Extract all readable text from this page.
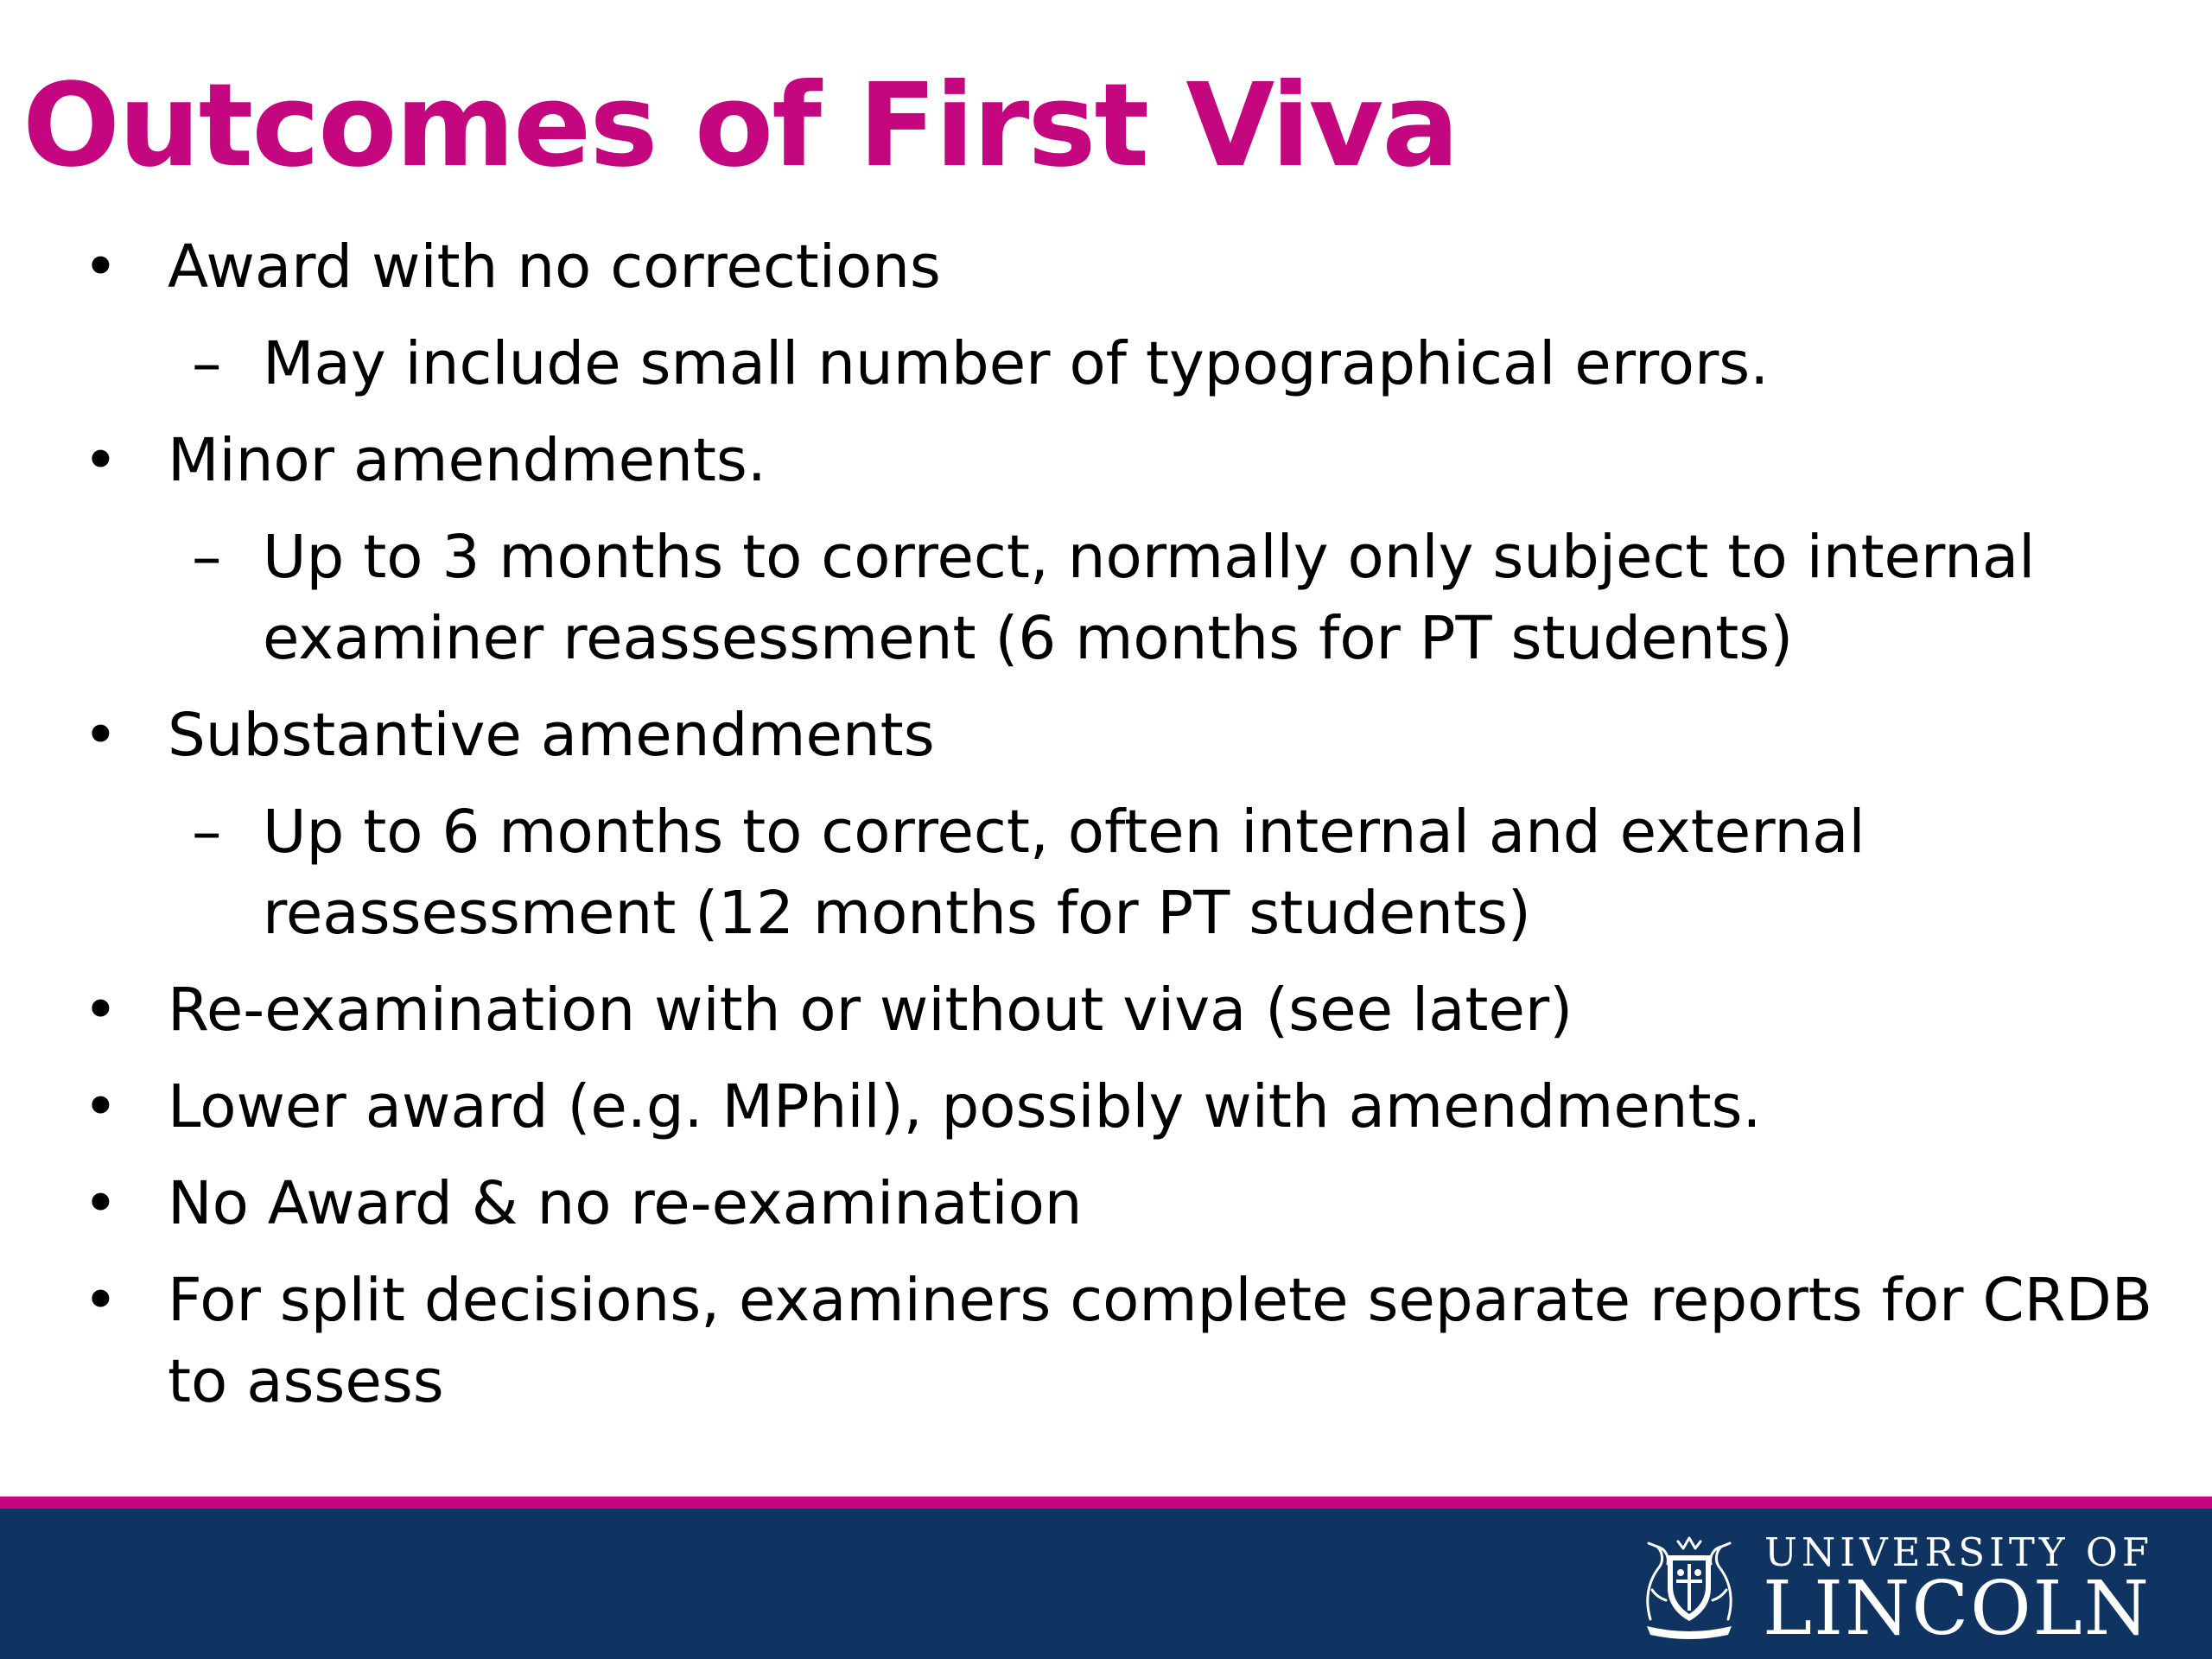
Outcomes of First Viva
• Award with no corrections
– May include small number of typographical errors.
• Minor amendments.
– Up to 3 months to correct, normally only subject to internal
examiner reassessment (6 months for PT students)
• Substantive amendments
– Up to 6 months to correct, often internal and external
reassessment (12 months for PT students)
• Re-examination with or without viva (see later)
• Lower award (e.g. MPhil), possibly with amendments.
• No Award & no re-examination
• For split decisions, examiners complete separate reports for CRDB
to assess
UNIVERSITY OF
LINCOLN
